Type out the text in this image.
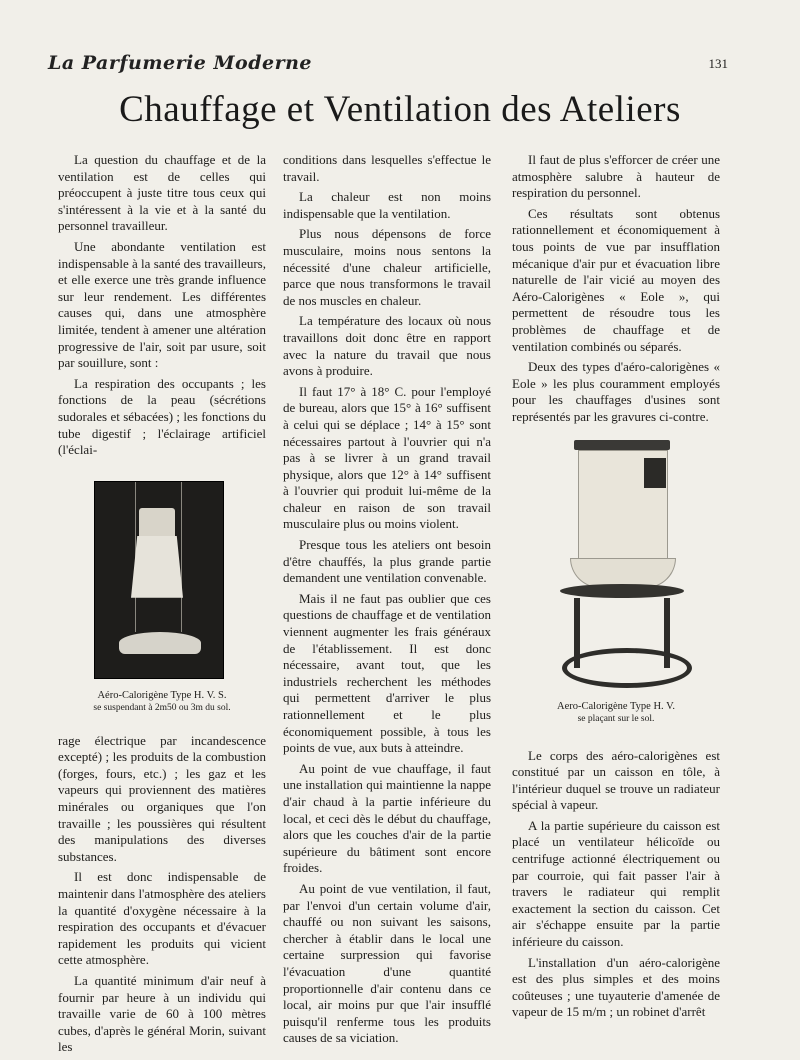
La Parfumerie Moderne	131
Chauffage et Ventilation des Ateliers

La question du chauffage et de la ventilation est de celles qui préoccupent à juste titre tous ceux qui s'intéressent à la vie et à la santé du personnel travailleur.

Une abondante ventilation est indispensable à la santé des travailleurs, et elle exerce une très grande influence sur leur rendement. Les différentes causes qui, dans une atmosphère limitée, tendent à amener une altération progressive de l'air, soit par usure, soit par souillure, sont :

La respiration des occupants ; les fonctions de la peau (sécrétions sudorales et sébacées) ; les fonctions du tube digestif ; l'éclairage artificiel (l'éclai-

Aéro-Calorigène Type H. V. S.
se suspendant à 2m50 ou 3m du sol.

rage électrique par incandescence excepté) ; les produits de la combustion (forges, fours, etc.) ; les gaz et les vapeurs qui proviennent des matières minérales ou organiques que l'on travaille ; les poussières qui résultent des manipulations des diverses substances.

Il est donc indispensable de maintenir dans l'atmosphère des ateliers la quantité d'oxygène nécessaire à la respiration des occupants et d'évacuer rapidement les produits qui vicient cette atmosphère.

La quantité minimum d'air neuf à fournir par heure à un individu qui travaille varie de 60 à 100 mètres cubes, d'après le général Morin, suivant les

conditions dans lesquelles s'effectue le travail.

La chaleur est non moins indispensable que la ventilation.

Plus nous dépensons de force musculaire, moins nous sentons la nécessité d'une chaleur artificielle, parce que nous transformons le travail de nos muscles en chaleur.

La température des locaux où nous travaillons doit donc être en rapport avec la nature du travail que nous avons à produire.

Il faut 17° à 18° C. pour l'employé de bureau, alors que 15° à 16° suffisent à celui qui se déplace ; 14° à 15° sont nécessaires partout à l'ouvrier qui n'a pas à se livrer à un grand travail physique, alors que 12° à 14° suffisent à l'ouvrier qui produit lui-même de la chaleur en raison de son travail musculaire plus ou moins violent.

Presque tous les ateliers ont besoin d'être chauffés, la plus grande partie demandent une ventilation convenable.

Mais il ne faut pas oublier que ces questions de chauffage et de ventilation viennent augmenter les frais généraux de l'établissement. Il est donc nécessaire, avant tout, que les industriels recherchent les méthodes qui permettent d'arriver le plus rationnellement et le plus économiquement possible, à tous les points de vue, aux buts à atteindre.

Au point de vue chauffage, il faut une installation qui maintienne la nappe d'air chaud à la partie inférieure du local, et ceci dès le début du chauffage, alors que les couches d'air de la partie supérieure du bâtiment sont encore froides.

Au point de vue ventilation, il faut, par l'envoi d'un certain volume d'air, chauffé ou non suivant les saisons, chercher à établir dans le local une certaine surpression qui favorise l'évacuation d'une quantité proportionnelle d'air contenu dans ce local, air moins pur que l'air insufflé puisqu'il renferme tous les produits causes de sa viciation.

Il faut de plus s'efforcer de créer une atmosphère salubre à hauteur de respiration du personnel.

Ces résultats sont obtenus rationnellement et économiquement à tous points de vue par insufflation mécanique d'air pur et évacuation libre naturelle de l'air vicié au moyen des Aéro-Calorigènes « Eole », qui permettent de résoudre tous les problèmes de chauffage et de ventilation combinés ou séparés.

Deux des types d'aéro-calorigènes « Eole » les plus couramment employés pour les chauffages d'usines sont représentés par les gravures ci-contre.

Aero-Calorigène Type H. V.
se plaçant sur le sol.

Le corps des aéro-calorigènes est constitué par un caisson en tôle, à l'intérieur duquel se trouve un radiateur spécial à vapeur.

A la partie supérieure du caisson est placé un ventilateur hélicoïde ou centrifuge actionné électriquement ou par courroie, qui fait passer l'air à travers le radiateur qui remplit exactement la section du caisson. Cet air s'échappe ensuite par la partie inférieure du caisson.

L'installation d'un aéro-calorigène est des plus simples et des moins coûteuses ; une tuyauterie d'amenée de vapeur de 15 m/m ; un robinet d'arrêt
